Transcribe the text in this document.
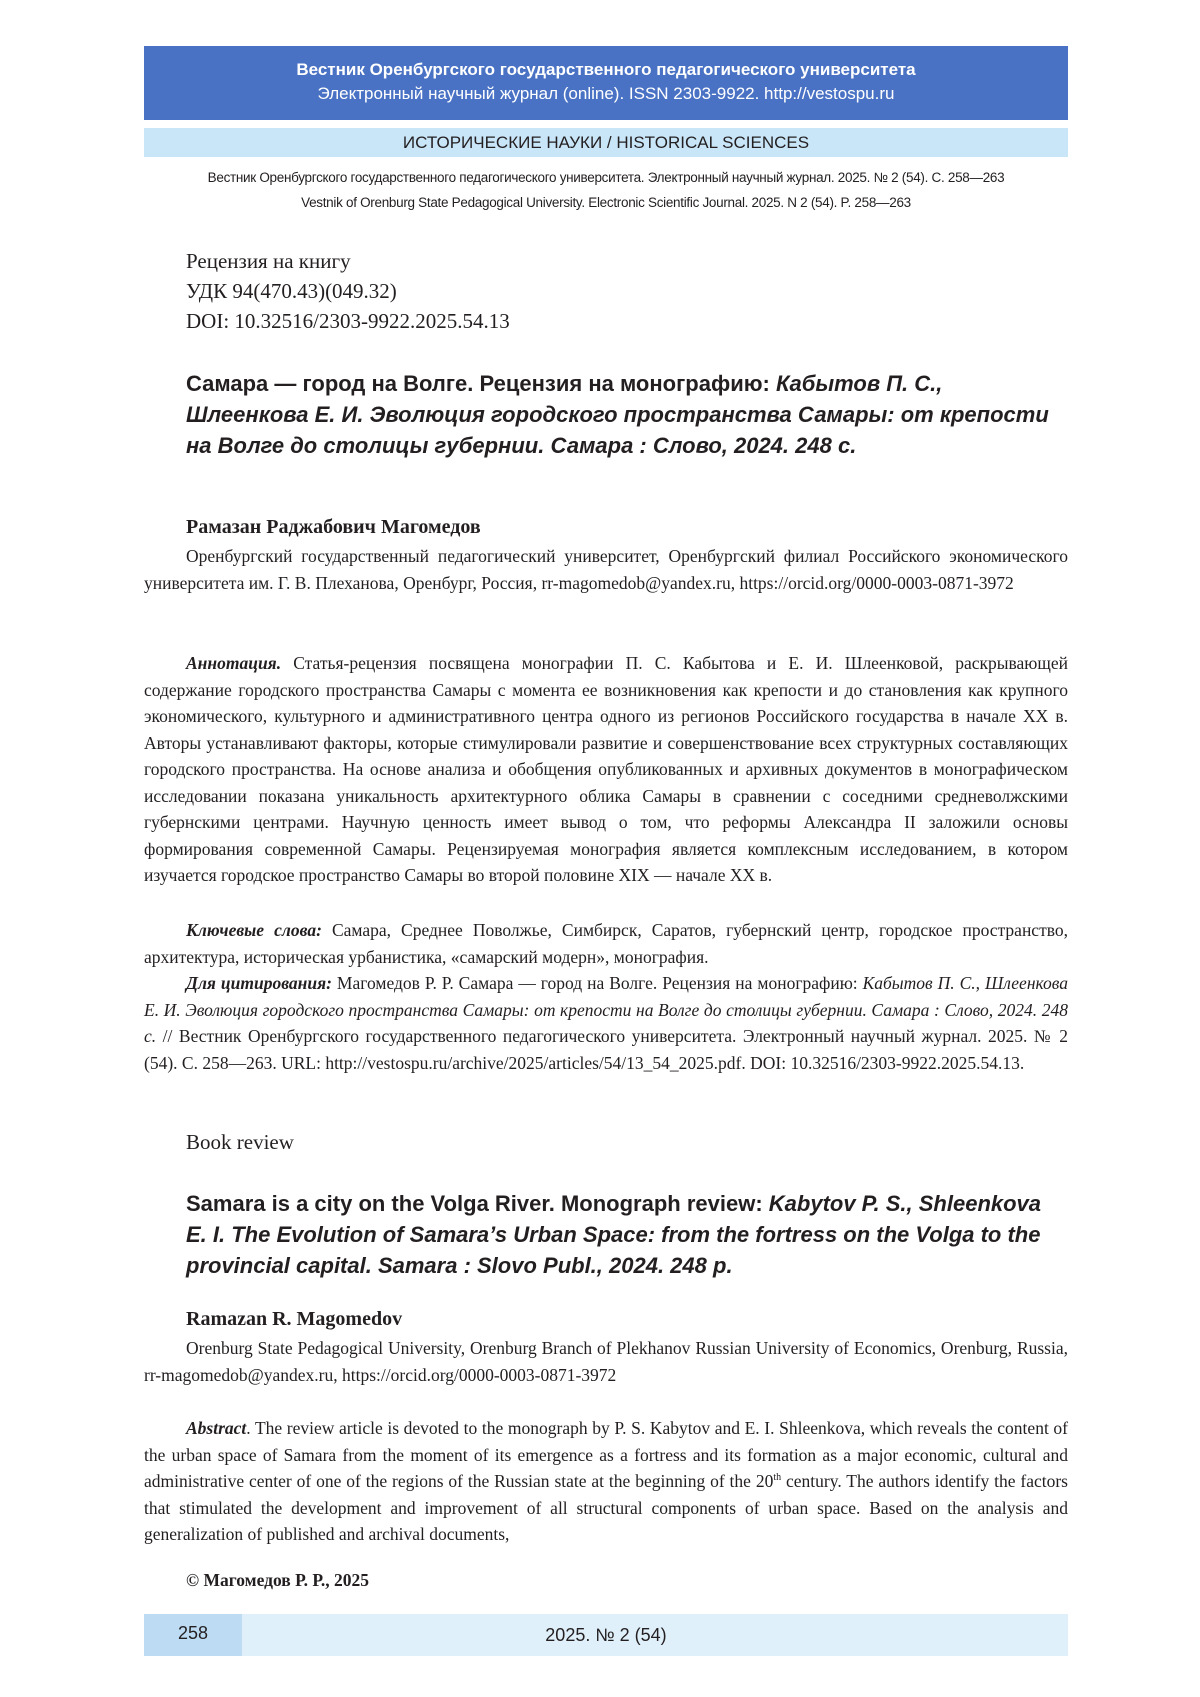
Вестник Оренбургского государственного педагогического университета
Электронный научный журнал (online). ISSN 2303-9922. http://vestospu.ru
ИСТОРИЧЕСКИЕ НАУКИ / HISTORICAL SCIENCES
Вестник Оренбургского государственного педагогического университета. Электронный научный журнал. 2025. № 2 (54). С. 258—263
Vestnik of Orenburg State Pedagogical University. Electronic Scientific Journal. 2025. N 2 (54). P. 258—263
Рецензия на книгу
УДК 94(470.43)(049.32)
DOI: 10.32516/2303-9922.2025.54.13
Самара — город на Волге. Рецензия на монографию: Кабытов П. С., Шлеенкова Е. И. Эволюция городского пространства Самары: от крепости на Волге до столицы губернии. Самара : Слово, 2024. 248 с.
Рамазан Раджабович Магомедов
Оренбургский государственный педагогический университет, Оренбургский филиал Российского экономического университета им. Г. В. Плеханова, Оренбург, Россия, rr-magomedob@yandex.ru, https://orcid.org/0000-0003-0871-3972
Аннотация. Статья-рецензия посвящена монографии П. С. Кабытова и Е. И. Шлеенковой, раскрывающей содержание городского пространства Самары с момента ее возникновения как крепости и до становления как крупного экономического, культурного и административного центра одного из регионов Российского государства в начале XX в. Авторы устанавливают факторы, которые стимулировали развитие и совершенствование всех структурных составляющих городского пространства. На основе анализа и обобщения опубликованных и архивных документов в монографическом исследовании показана уникальность архитектурного облика Самары в сравнении с соседними средневолжскими губернскими центрами. Научную ценность имеет вывод о том, что реформы Александра II заложили основы формирования современной Самары. Рецензируемая монография является комплексным исследованием, в котором изучается городское пространство Самары во второй половине XIX — начале XX в.
Ключевые слова: Самара, Среднее Поволжье, Симбирск, Саратов, губернский центр, городское пространство, архитектура, историческая урбанистика, «самарский модерн», монография.
Для цитирования: Магомедов Р. Р. Самара — город на Волге. Рецензия на монографию: Кабытов П. С., Шлеенкова Е. И. Эволюция городского пространства Самары: от крепости на Волге до столицы губернии. Самара : Слово, 2024. 248 с. // Вестник Оренбургского государственного педагогического университета. Электронный научный журнал. 2025. № 2 (54). С. 258—263. URL: http://vestospu.ru/archive/2025/articles/54/13_54_2025.pdf. DOI: 10.32516/2303-9922.2025.54.13.
Book review
Samara is a city on the Volga River. Monograph review: Kabytov P. S., Shleenkova E. I. The Evolution of Samara’s Urban Space: from the fortress on the Volga to the provincial capital. Samara : Slovo Publ., 2024. 248 p.
Ramazan R. Magomedov
Orenburg State Pedagogical University, Orenburg Branch of Plekhanov Russian University of Economics, Orenburg, Russia, rr-magomedob@yandex.ru, https://orcid.org/0000-0003-0871-3972
Abstract. The review article is devoted to the monograph by P. S. Kabytov and E. I. Shleenkova, which reveals the content of the urban space of Samara from the moment of its emergence as a fortress and its formation as a major economic, cultural and administrative center of one of the regions of the Russian state at the beginning of the 20th century. The authors identify the factors that stimulated the development and improvement of all structural components of urban space. Based on the analysis and generalization of published and archival documents,
© Магомедов Р. Р., 2025
2025. № 2 (54)
258
